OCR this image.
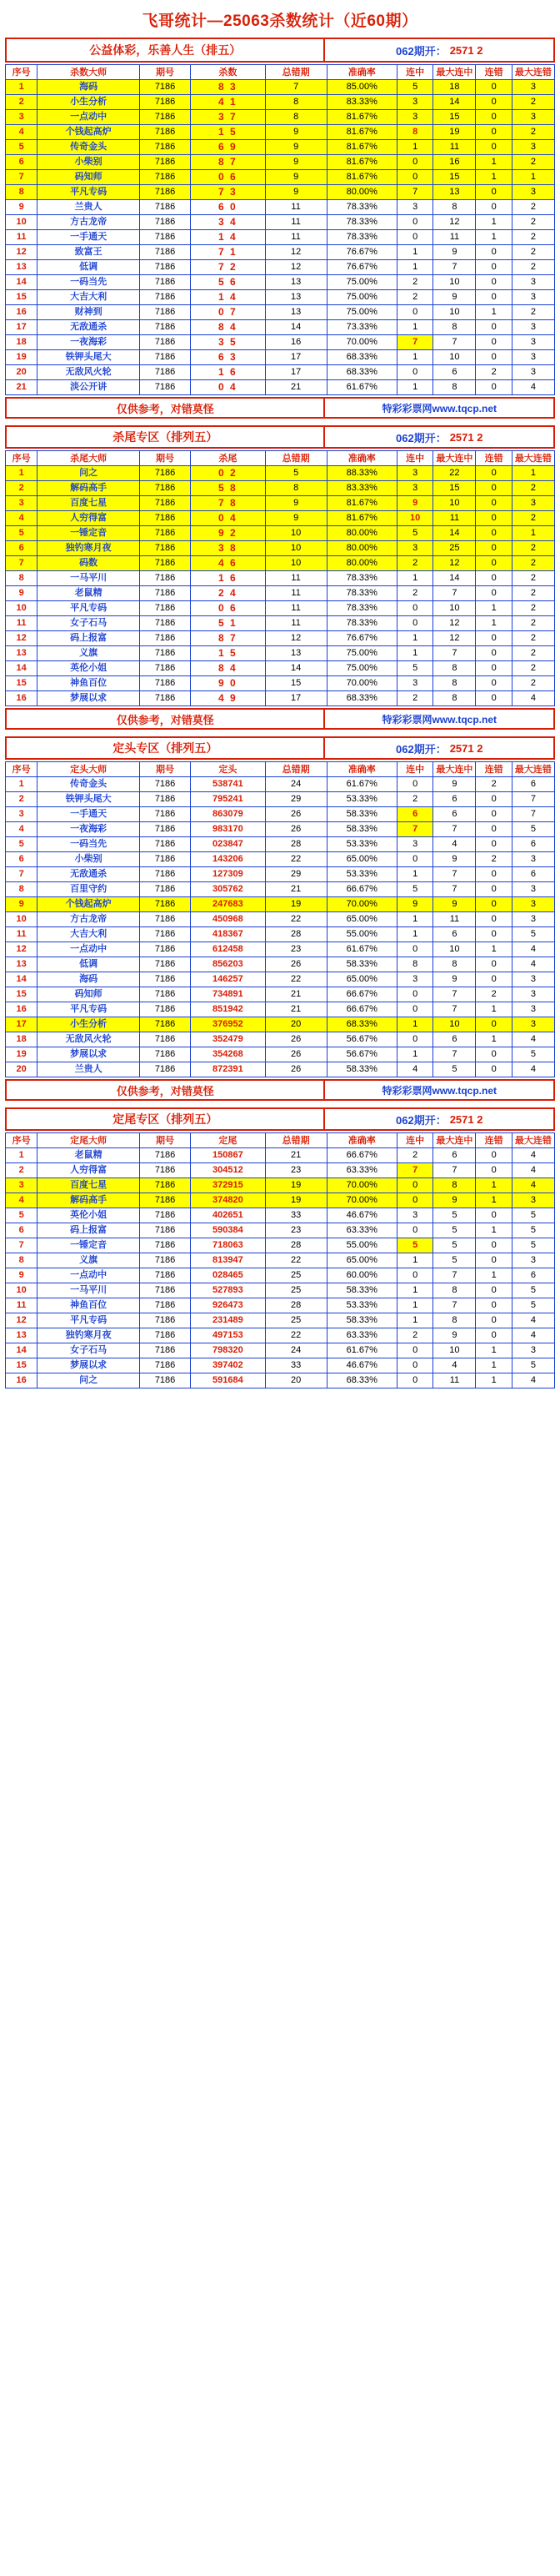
飞哥统计—25063杀数统计（近60期）
公益体彩，乐善人生（排五）	062期开： 2571 2
序号	杀数大师	期号	杀数	总错期	准确率	连中	最大连中	连错	最大连错
1	海码	7186	8 3	7	85.00%	5	18	0	3
2	小生分析	7186	4 1	8	83.33%	3	14	0	2
3	一点动中	7186	3 7	8	81.67%	3	15	0	3
4	个钱起高炉	7186	1 5	9	81.67%	8	19	0	2
5	传奇金头	7186	6 9	9	81.67%	1	11	0	3
6	小柴别	7186	8 7	9	81.67%	0	16	1	2
7	码知师	7186	0 6	9	81.67%	0	15	1	1
8	平凡专码	7186	7 3	9	80.00%	7	13	0	3
9	兰贵人	7186	6 0	11	78.33%	3	8	0	2
10	方古龙帝	7186	3 4	11	78.33%	0	12	1	2
11	一手通天	7186	1 4	11	78.33%	0	11	1	2
12	致富王	7186	7 1	12	76.67%	1	9	0	2
13	低调	7186	7 2	12	76.67%	1	7	0	2
14	一码当先	7186	5 6	13	75.00%	2	10	0	3
15	大吉大利	7186	1 4	13	75.00%	2	9	0	3
16	财神到	7186	0 7	13	75.00%	0	10	1	2
17	无敌通杀	7186	8 4	14	73.33%	1	8	0	3
18	一夜海彩	7186	3 5	16	70.00%	7	7	0	3
19	铁钾头尾大	7186	6 3	17	68.33%	1	10	0	3
20	无敌风火轮	7186	1 6	17	68.33%	0	6	2	3
21	淡公开讲	7186	0 4	21	61.67%	1	8	0	4
仅供参考，对错莫怪	特彩彩票网www.tqcp.net
杀尾专区（排列五）	062期开： 2571 2
序号	杀尾大师	期号	杀尾	总错期	准确率	连中	最大连中	连错	最大连错
1	问之	7186	0 2	5	88.33%	3	22	0	1
2	解码高手	7186	5 8	8	83.33%	3	15	0	2
3	百度七星	7186	7 8	9	81.67%	9	10	0	3
4	人穷得富	7186	0 4	9	81.67%	10	11	0	2
5	一锤定音	7186	9 2	10	80.00%	5	14	0	1
6	独钓寒月夜	7186	3 8	10	80.00%	3	25	0	2
7	码数	7186	4 6	10	80.00%	2	12	0	2
8	一马平川	7186	1 6	11	78.33%	1	14	0	2
9	老鼠精	7186	2 4	11	78.33%	2	7	0	2
10	平凡专码	7186	0 6	11	78.33%	0	10	1	2
11	女子石马	7186	5 1	11	78.33%	0	12	1	2
12	码上报富	7186	8 7	12	76.67%	1	12	0	2
13	义旗	7186	1 5	13	75.00%	1	7	0	2
14	英伦小姐	7186	8 4	14	75.00%	5	8	0	2
15	神鱼百位	7186	9 0	15	70.00%	3	8	0	2
16	梦展以求	7186	4 9	17	68.33%	2	8	0	4
仅供参考，对错莫怪	特彩彩票网www.tqcp.net
定头专区（排列五）	062期开： 2571 2
序号	定头大师	期号	定头	总错期	准确率	连中	最大连中	连错	最大连错
1	传奇金头	7186	538741	24	61.67%	0	9	2	6
2	铁钾头尾大	7186	795241	29	53.33%	2	6	0	7
3	一手通天	7186	863079	26	58.33%	6	6	0	7
4	一夜海彩	7186	983170	26	58.33%	7	7	0	5
5	一码当先	7186	023847	28	53.33%	3	4	0	6
6	小柴别	7186	143206	22	65.00%	0	9	2	3
7	无敌通杀	7186	127309	29	53.33%	1	7	0	6
8	百里守约	7186	305762	21	66.67%	5	7	0	3
9	个钱起高炉	7186	247683	19	70.00%	9	9	0	3
10	方古龙帝	7186	450968	22	65.00%	1	11	0	3
11	大吉大利	7186	418367	28	55.00%	1	6	0	5
12	一点动中	7186	612458	23	61.67%	0	10	1	4
13	低调	7186	856203	26	58.33%	8	8	0	4
14	海码	7186	146257	22	65.00%	3	9	0	3
15	码知师	7186	734891	21	66.67%	0	7	2	3
16	平凡专码	7186	851942	21	66.67%	0	7	1	3
17	小生分析	7186	376952	20	68.33%	1	10	0	3
18	无敌风火轮	7186	352479	26	56.67%	0	6	1	4
19	梦展以求	7186	354268	26	56.67%	1	7	0	5
20	兰贵人	7186	872391	26	58.33%	4	5	0	4
仅供参考，对错莫怪	特彩彩票网www.tqcp.net
定尾专区（排列五）	062期开： 2571 2
序号	定尾大师	期号	定尾	总错期	准确率	连中	最大连中	连错	最大连错
1	老鼠精	7186	150867	21	66.67%	2	6	0	4
2	人穷得富	7186	304512	23	63.33%	7	7	0	4
3	百度七星	7186	372915	19	70.00%	0	8	1	4
4	解码高手	7186	374820	19	70.00%	0	9	1	3
5	英伦小姐	7186	402651	33	46.67%	3	5	0	5
6	码上报富	7186	590384	23	63.33%	0	5	1	5
7	一锤定音	7186	718063	28	55.00%	5	5	0	5
8	义旗	7186	813947	22	65.00%	1	5	0	3
9	一点动中	7186	028465	25	60.00%	0	7	1	6
10	一马平川	7186	527893	25	58.33%	1	8	0	5
11	神鱼百位	7186	926473	28	53.33%	1	7	0	5
12	平凡专码	7186	231489	25	58.33%	1	8	0	4
13	独钓寒月夜	7186	497153	22	63.33%	2	9	0	4
14	女子石马	7186	798320	24	61.67%	0	10	1	3
15	梦展以求	7186	397402	33	46.67%	0	4	1	5
16	问之	7186	591684	20	68.33%	0	11	1	4
